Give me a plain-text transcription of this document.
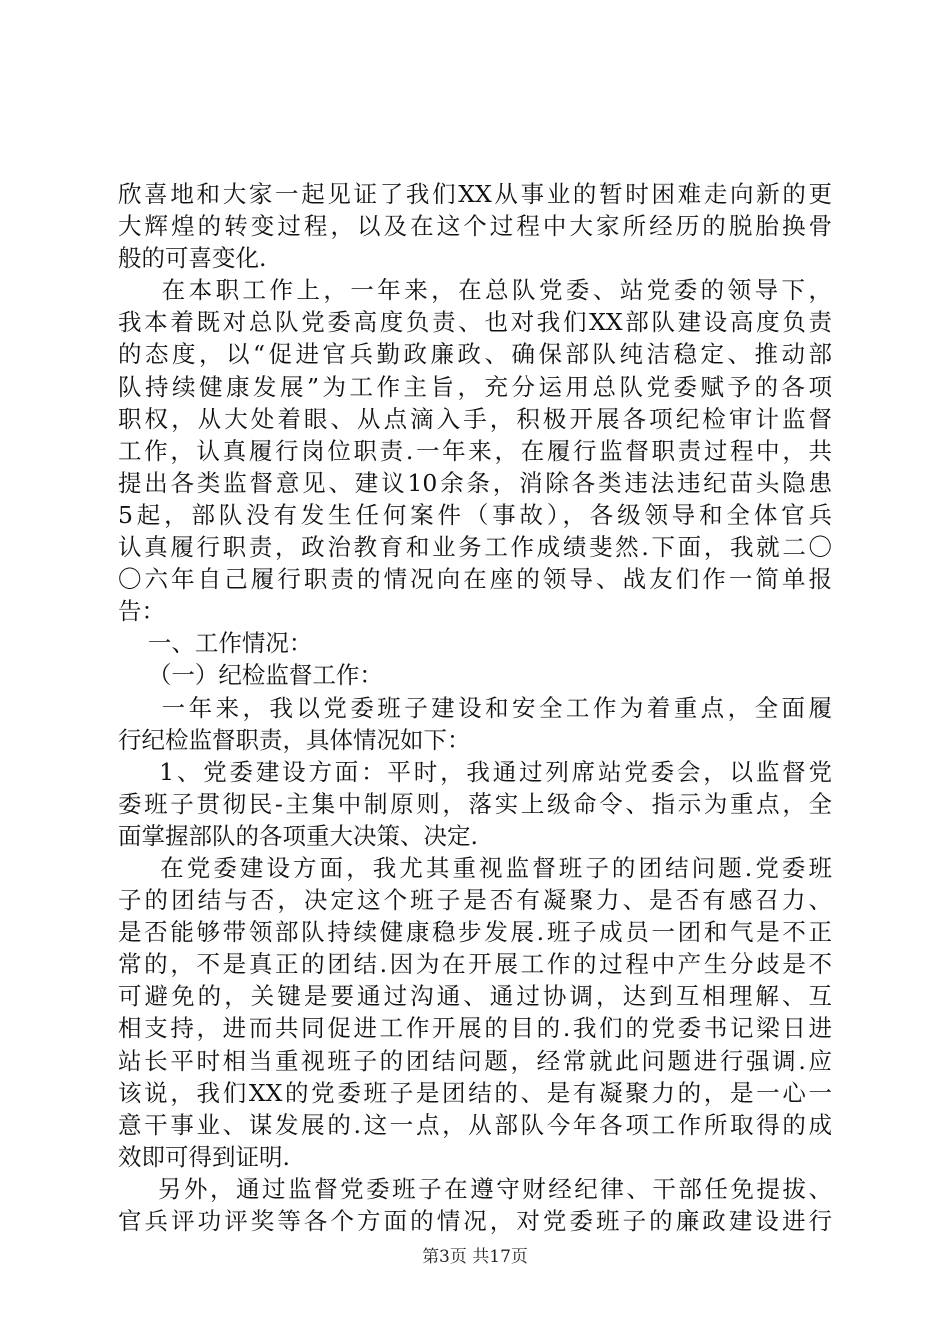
欣喜地和大家一起见证了我们XX从事业的暂时困难走向新的更
大辉煌的转变过程，以及在这个过程中大家所经历的脱胎换骨
般的可喜变化.
在本职工作上，一年来，在总队党委、站党委的领导下，
我本着既对总队党委高度负责、也对我们XX部队建设高度负责
的态度，以“促进官兵勤政廉政、确保部队纯洁稳定、推动部
队持续健康发展”为工作主旨，充分运用总队党委赋予的各项
职权，从大处着眼、从点滴入手，积极开展各项纪检审计监督
工作，认真履行岗位职责.一年来，在履行监督职责过程中，共
提出各类监督意见、建议10余条，消除各类违法违纪苗头隐患
5起，部队没有发生任何案件（事故），各级领导和全体官兵
认真履行职责，政治教育和业务工作成绩斐然.下面，我就二〇
〇六年自己履行职责的情况向在座的领导、战友们作一简单报
告：
一、工作情况：
（一）纪检监督工作：
一年来，我以党委班子建设和安全工作为着重点，全面履
行纪检监督职责，具体情况如下：
1、党委建设方面：平时，我通过列席站党委会，以监督党
委班子贯彻民-主集中制原则，落实上级命令、指示为重点，全
面掌握部队的各项重大决策、决定.
在党委建设方面，我尤其重视监督班子的团结问题.党委班
子的团结与否，决定这个班子是否有凝聚力、是否有感召力、
是否能够带领部队持续健康稳步发展.班子成员一团和气是不正
常的，不是真正的团结.因为在开展工作的过程中产生分歧是不
可避免的，关键是要通过沟通、通过协调，达到互相理解、互
相支持，进而共同促进工作开展的目的.我们的党委书记梁日进
站长平时相当重视班子的团结问题，经常就此问题进行强调.应
该说，我们XX的党委班子是团结的、是有凝聚力的，是一心一
意干事业、谋发展的.这一点，从部队今年各项工作所取得的成
效即可得到证明.
另外，通过监督党委班子在遵守财经纪律、干部任免提拔、
官兵评功评奖等各个方面的情况，对党委班子的廉政建设进行
第3页 共17页
